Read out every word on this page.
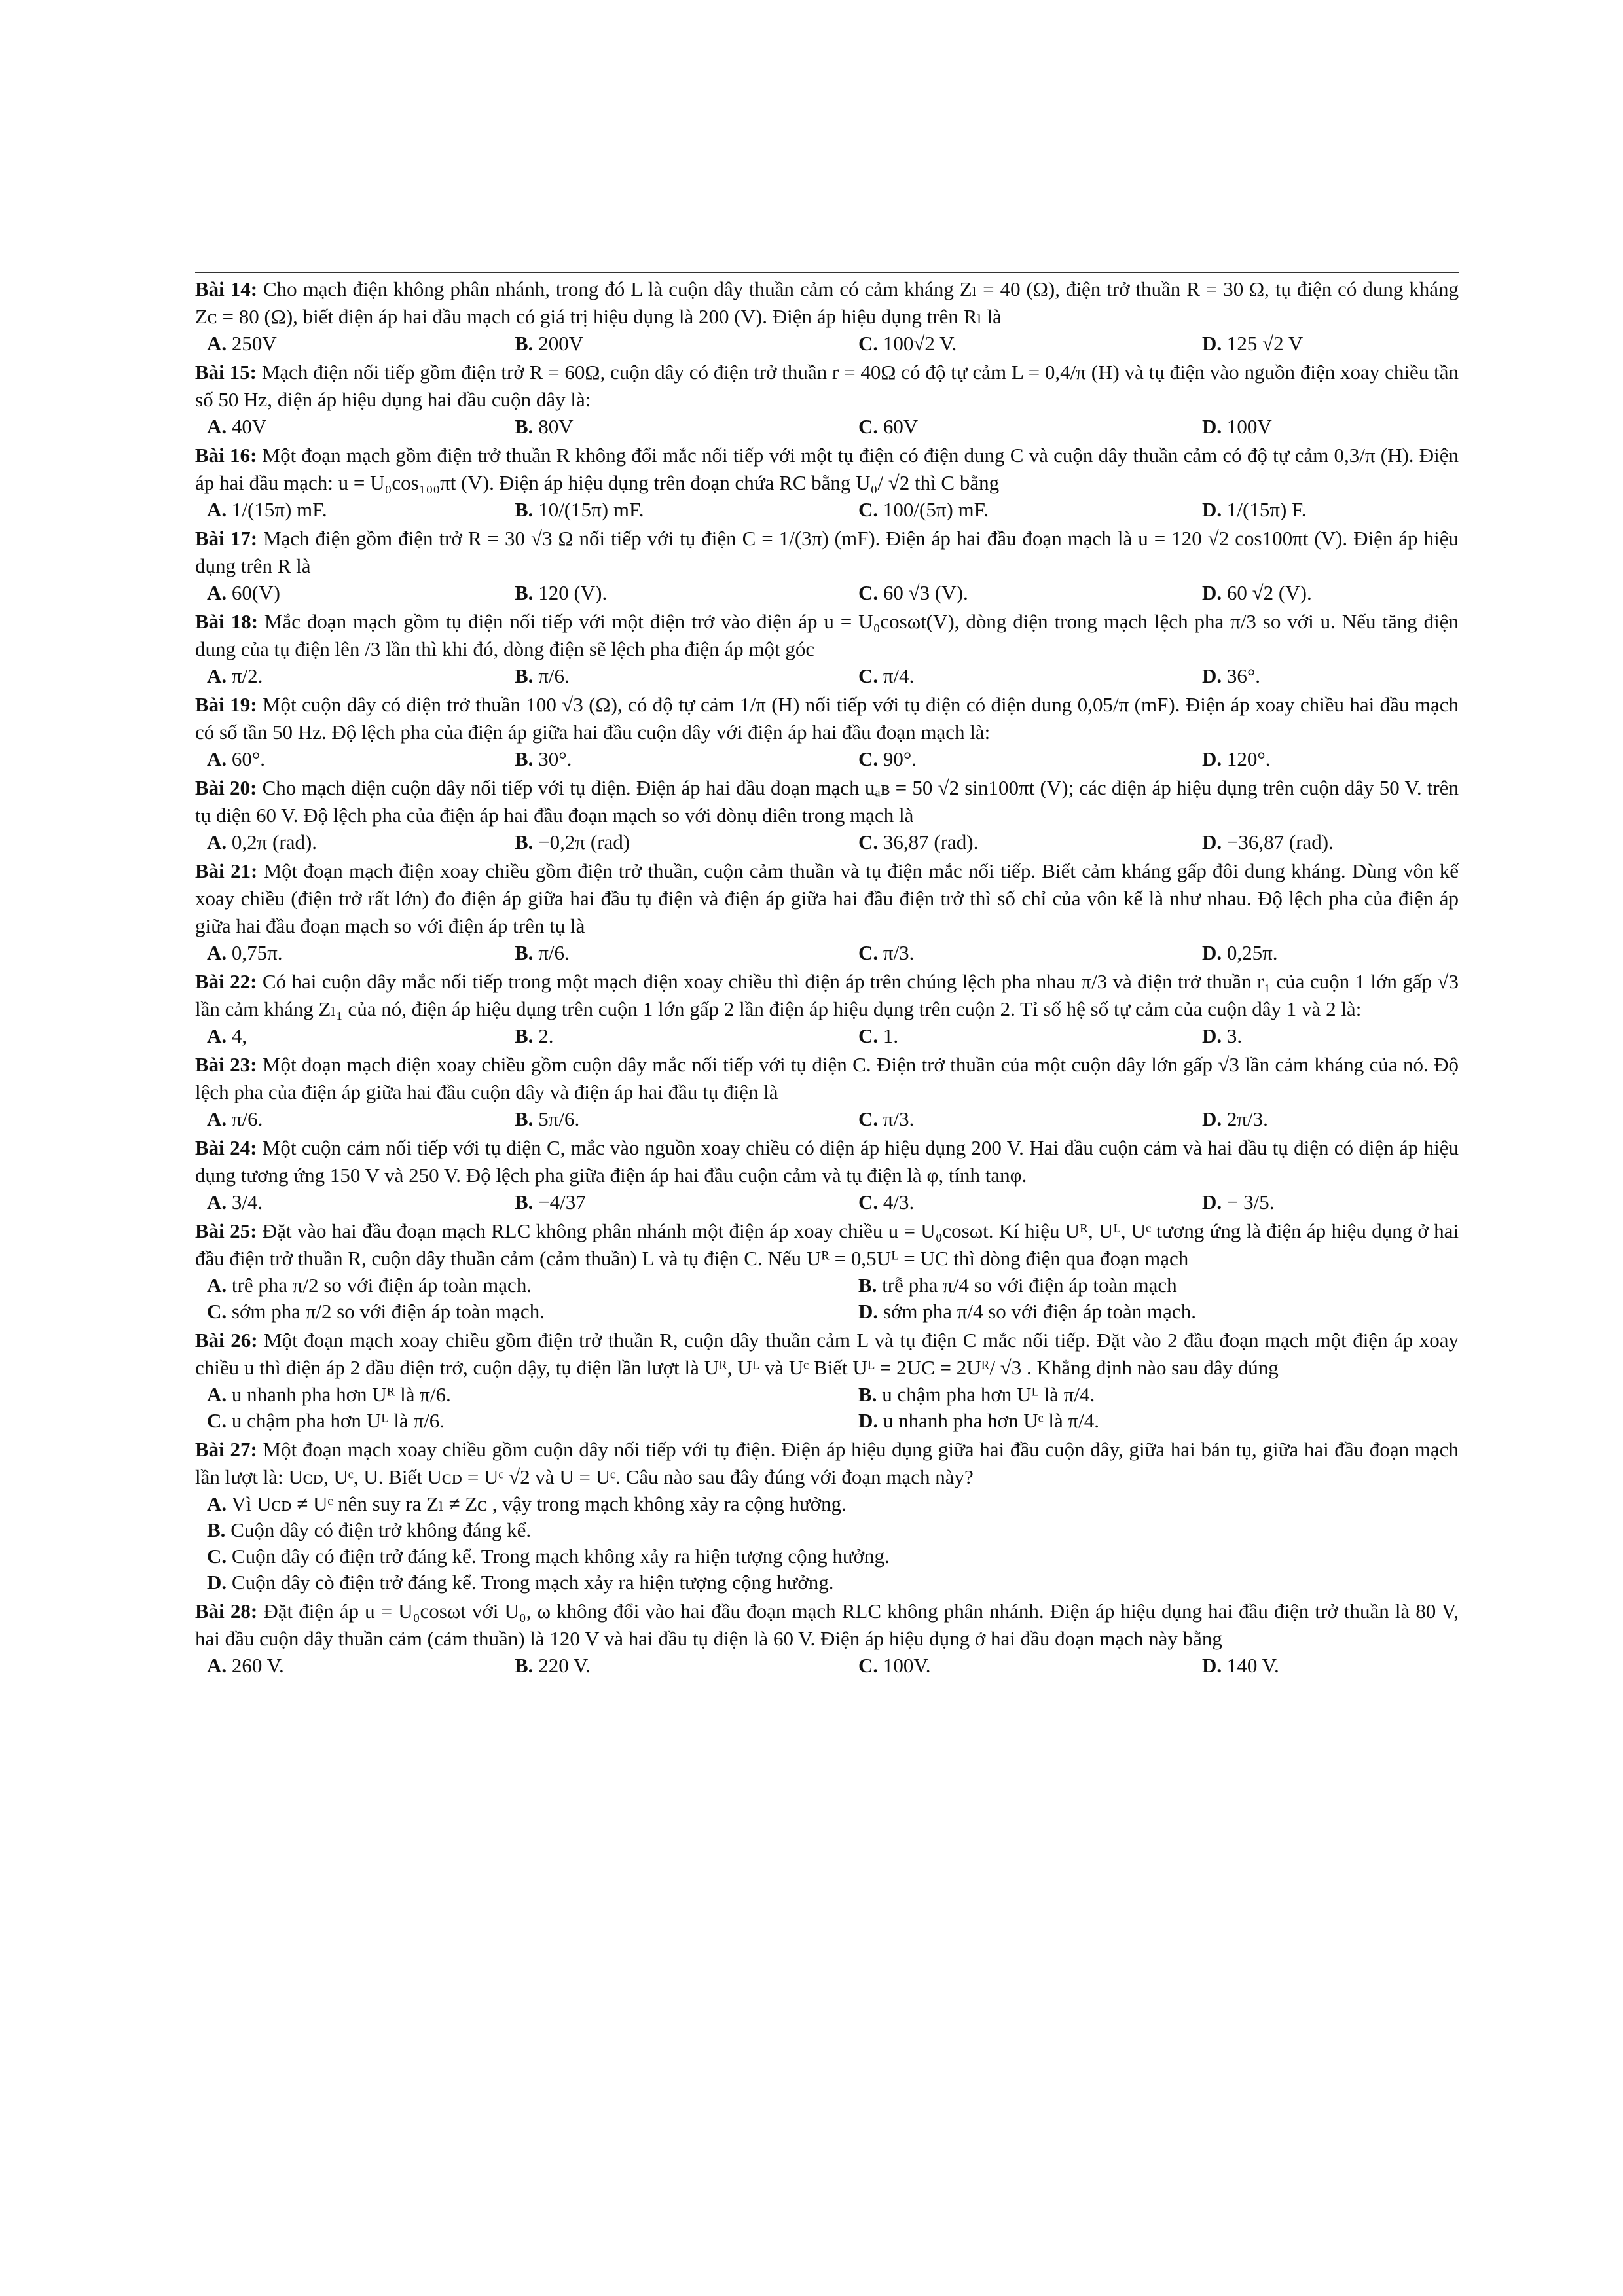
Bài 14: Cho mạch điện không phân nhánh, trong đó L là cuộn dây thuần cảm có cảm kháng Zₗ = 40 (Ω), điện trở thuần R = 30 Ω, tụ điện có dung kháng Zᴄ = 80 (Ω), biết điện áp hai đầu mạch có giá trị hiệu dụng là 200 (V). Điện áp hiệu dụng trên Rₗ là

A. 250V	B. 200V	C. 100√2 V.	D. 125 √2 V

Bài 15: Mạch điện nối tiếp gồm điện trở R = 60Ω, cuộn dây có điện trở thuần r = 40Ω có độ tự cảm L = 0,4/π (H) và tụ điện vào nguồn điện xoay chiều tần số 50 Hz, điện áp hiệu dụng hai đầu cuộn dây là:

A. 40V	B. 80V	C. 60V	D. 100V

Bài 16: Một đoạn mạch gồm điện trở thuần R không đổi mắc nối tiếp với một tụ điện có điện dung C và cuộn dây thuần cảm có độ tự cảm 0,3/π (H). Điện áp hai đầu mạch: u = U₀cos₁₀₀πt (V). Điện áp hiệu dụng trên đoạn chứa RC bằng U₀/ √2 thì C bằng

A. 1/(15π) mF.	B. 10/(15π) mF.	C. 100/(5π) mF.	D. 1/(15π) F.

Bài 17: Mạch điện gồm điện trở R = 30 √3 Ω nối tiếp với tụ điện C = 1/(3π) (mF). Điện áp hai đầu đoạn mạch là u = 120 √2 cos100πt (V). Điện áp hiệu dụng trên R là

A. 60(V)	B. 120 (V).	C. 60 √3 (V).	D. 60 √2 (V).

Bài 18: Mắc đoạn mạch gồm tụ điện nối tiếp với một điện trở vào điện áp u = U₀cosωt(V), dòng điện trong mạch lệch pha π/3 so với u. Nếu tăng điện dung của tụ điện lên /3 lần thì khi đó, dòng điện sẽ lệch pha điện áp một góc

A. π/2.	B. π/6.	C. π/4.	D. 36°.

Bài 19: Một cuộn dây có điện trở thuần 100 √3 (Ω), có độ tự cảm 1/π (H) nối tiếp với tụ điện có điện dung 0,05/π (mF). Điện áp xoay chiều hai đầu mạch có số tần 50 Hz. Độ lệch pha của điện áp giữa hai đầu cuộn dây với điện áp hai đầu đoạn mạch là:

A. 60°.	B. 30°.	C. 90°.	D. 120°.

Bài 20: Cho mạch điện cuộn dây nối tiếp với tụ điện. Điện áp hai đầu đoạn mạch uₐʙ = 50 √2 sin100πt (V); các điện áp hiệu dụng trên cuộn dây 50 V. trên tụ diện 60 V. Độ lệch pha của điện áp hai đầu đoạn mạch so với dònụ diên trong mạch là

A. 0,2π (rad).	B. −0,2π (rad)	C. 36,87 (rad).	D. −36,87 (rad).

Bài 21: Một đoạn mạch điện xoay chiều gồm điện trở thuần, cuộn cảm thuần và tụ điện mắc nối tiếp. Biết cảm kháng gấp đôi dung kháng. Dùng vôn kế xoay chiều (điện trở rất lớn) đo điện áp giữa hai đầu tụ điện và điện áp giữa hai đầu điện trở thì số chỉ của vôn kế là như nhau. Độ lệch pha của điện áp giữa hai đầu đoạn mạch so với điện áp trên tụ là

A. 0,75π.	B. π/6.	C. π/3.	D. 0,25π.

Bài 22: Có hai cuộn dây mắc nối tiếp trong một mạch điện xoay chiều thì điện áp trên chúng lệch pha nhau π/3 và điện trở thuần r₁ của cuộn 1 lớn gấp √3 lần cảm kháng Zₗ₁ của nó, điện áp hiệu dụng trên cuộn 1 lớn gấp 2 lần điện áp hiệu dụng trên cuộn 2. Tỉ số hệ số tự cảm của cuộn dây 1 và 2 là:

A. 4,	B. 2.	C. 1.	D. 3.

Bài 23: Một đoạn mạch điện xoay chiều gồm cuộn dây mắc nối tiếp với tụ điện C. Điện trở thuần của một cuộn dây lớn gấp √3 lần cảm kháng của nó. Độ lệch pha của điện áp giữa hai đầu cuộn dây và điện áp hai đầu tụ điện là

A. π/6.	B. 5π/6.	C. π/3.	D. 2π/3.

Bài 24: Một cuộn cảm nối tiếp với tụ điện C, mắc vào nguồn xoay chiều có điện áp hiệu dụng 200 V. Hai đầu cuộn cảm và hai đầu tụ điện có điện áp hiệu dụng tương ứng 150 V và 250 V. Độ lệch pha giữa điện áp hai đầu cuộn cảm và tụ điện là φ, tính tanφ.

A. 3/4.	B. −4/37	C. 4/3.	D. − 3/5.

Bài 25: Đặt vào hai đầu đoạn mạch RLC không phân nhánh một điện áp xoay chiều u = U₀cosωt. Kí hiệu Uᴿ, Uᴸ, Uᶜ tương ứng là điện áp hiệu dụng ở hai đầu điện trở thuần R, cuộn dây thuần cảm (cảm thuần) L và tụ điện C. Nếu Uᴿ = 0,5Uᴸ = UC thì dòng điện qua đoạn mạch

A. trê pha π/2 so với điện áp toàn mạch.	B. trễ pha π/4 so với điện áp toàn mạch
C. sớm pha π/2 so với điện áp toàn mạch.	D. sớm pha π/4 so với điện áp toàn mạch.

Bài 26: Một đoạn mạch xoay chiều gồm điện trở thuần R, cuộn dây thuần cảm L và tụ điện C mắc nối tiếp. Đặt vào 2 đầu đoạn mạch một điện áp xoay chiều u thì điện áp 2 đầu điện trở, cuộn dậy, tụ điện lần lượt là Uᴿ, Uᴸ và Uᶜ Biết Uᴸ = 2UC = 2Uᴿ/ √3 . Khẳng định nào sau đây đúng

A. u nhanh pha hơn Uᴿ là π/6.	B. u chậm pha hơn Uᴸ là π/4.
C. u chậm pha hơn Uᴸ là π/6.	D. u nhanh pha hơn Uᶜ là π/4.

Bài 27: Một đoạn mạch xoay chiều gồm cuộn dây nối tiếp với tụ điện. Điện áp hiệu dụng giữa hai đầu cuộn dây, giữa hai bản tụ, giữa hai đầu đoạn mạch lần lượt là: Uᴄᴅ, Uᶜ, U. Biết Uᴄᴅ = Uᶜ √2 và U = Uᶜ. Câu nào sau đây đúng với đoạn mạch này?

A. Vì Uᴄᴅ ≠ Uᶜ nên suy ra Zₗ ≠ Zᴄ , vậy trong mạch không xảy ra cộng hưởng.
B. Cuộn dây có điện trở không đáng kể.
C. Cuộn dây có điện trở đáng kể. Trong mạch không xảy ra hiện tượng cộng hưởng.
D. Cuộn dây cò điện trở đáng kể. Trong mạch xảy ra hiện tượng cộng hưởng.

Bài 28: Đặt điện áp u = U₀cosωt với U₀, ω không đổi vào hai đầu đoạn mạch RLC không phân nhánh. Điện áp hiệu dụng hai đầu điện trở thuần là 80 V, hai đầu cuộn dây thuần cảm (cảm thuần) là 120 V và hai đầu tụ điện là 60 V. Điện áp hiệu dụng ở hai đầu đoạn mạch này bằng

A. 260 V.	B. 220 V.	C. 100V.	D. 140 V.
